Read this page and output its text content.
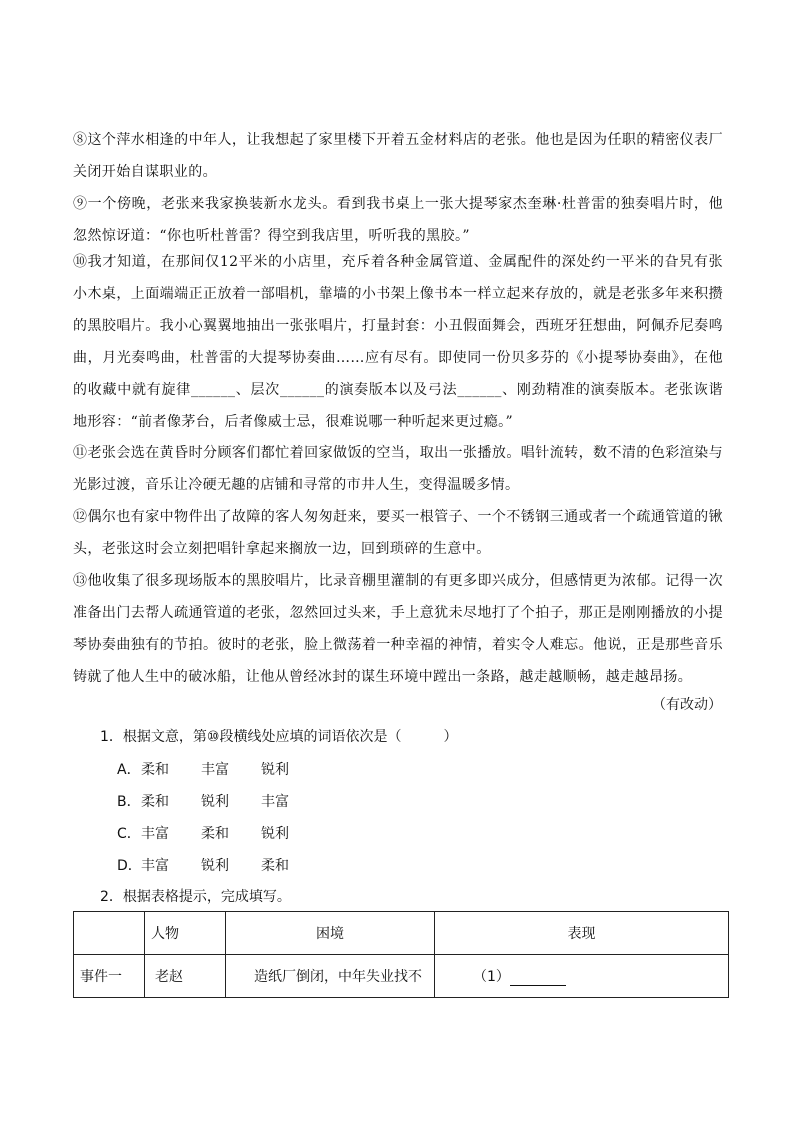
⑧这个萍水相逢的中年人，让我想起了家里楼下开着五金材料店的老张。他也是因为任职的精密仪表厂关闭开始自谋职业的。
⑨一个傍晚，老张来我家换装新水龙头。看到我书桌上一张大提琴家杰奎琳·杜普雷的独奏唱片时，他忽然惊讶道：“你也听杜普雷？得空到我店里，听听我的黑胶。”
⑩我才知道，在那间仅12平米的小店里，充斥着各种金属管道、金属配件的深处约一平米的旮旯有张小木桌，上面端端正正放着一部唱机，靠墙的小书架上像书本一样立起来存放的，就是老张多年来积攒的黑胶唱片。我小心翼翼地抽出一张张唱片，打量封套：小丑假面舞会，西班牙狂想曲，阿佩乔尼奏鸣曲，月光奏鸣曲，杜普雷的大提琴协奏曲……应有尽有。即使同一份贝多芬的《小提琴协奏曲》，在他的收藏中就有旋律______、层次______的演奏版本以及弓法______、刚劲精准的演奏版本。老张诙谐地形容：“前者像茅台，后者像威士忌，很难说哪一种听起来更过瘾。”
⑪老张会选在黄昏时分顾客们都忙着回家做饭的空当，取出一张播放。唱针流转，数不清的色彩渲染与光影过渡，音乐让冷硬无趣的店铺和寻常的市井人生，变得温暖多情。
⑫偶尔也有家中物件出了故障的客人匆匆赶来，要买一根管子、一个不锈钢三通或者一个疏通管道的锹头，老张这时会立刻把唱针拿起来搁放一边，回到琐碎的生意中。
⑬他收集了很多现场版本的黑胶唱片，比录音棚里灌制的有更多即兴成分，但感情更为浓郁。记得一次准备出门去帮人疏通管道的老张，忽然回过头来，手上意犹未尽地打了个拍子，那正是刚刚播放的小提琴协奏曲独有的节拍。彼时的老张，脸上微荡着一种幸福的神情，着实令人难忘。他说，正是那些音乐铸就了他人生中的破冰船，让他从曾经冰封的谋生环境中蹚出一条路，越走越顺畅，越走越昂扬。
（有改动）
1．根据文意，第⑩段横线处应填的词语依次是（　　　）
A．柔和 丰富 锐利
B．柔和 锐利 丰富
C．丰富 柔和 锐利
D．丰富 锐利 柔和
2．根据表格提示，完成填写。
	人物	困境	表现
事件一	老赵	造纸厂倒闭，中年失业找不	（1）
